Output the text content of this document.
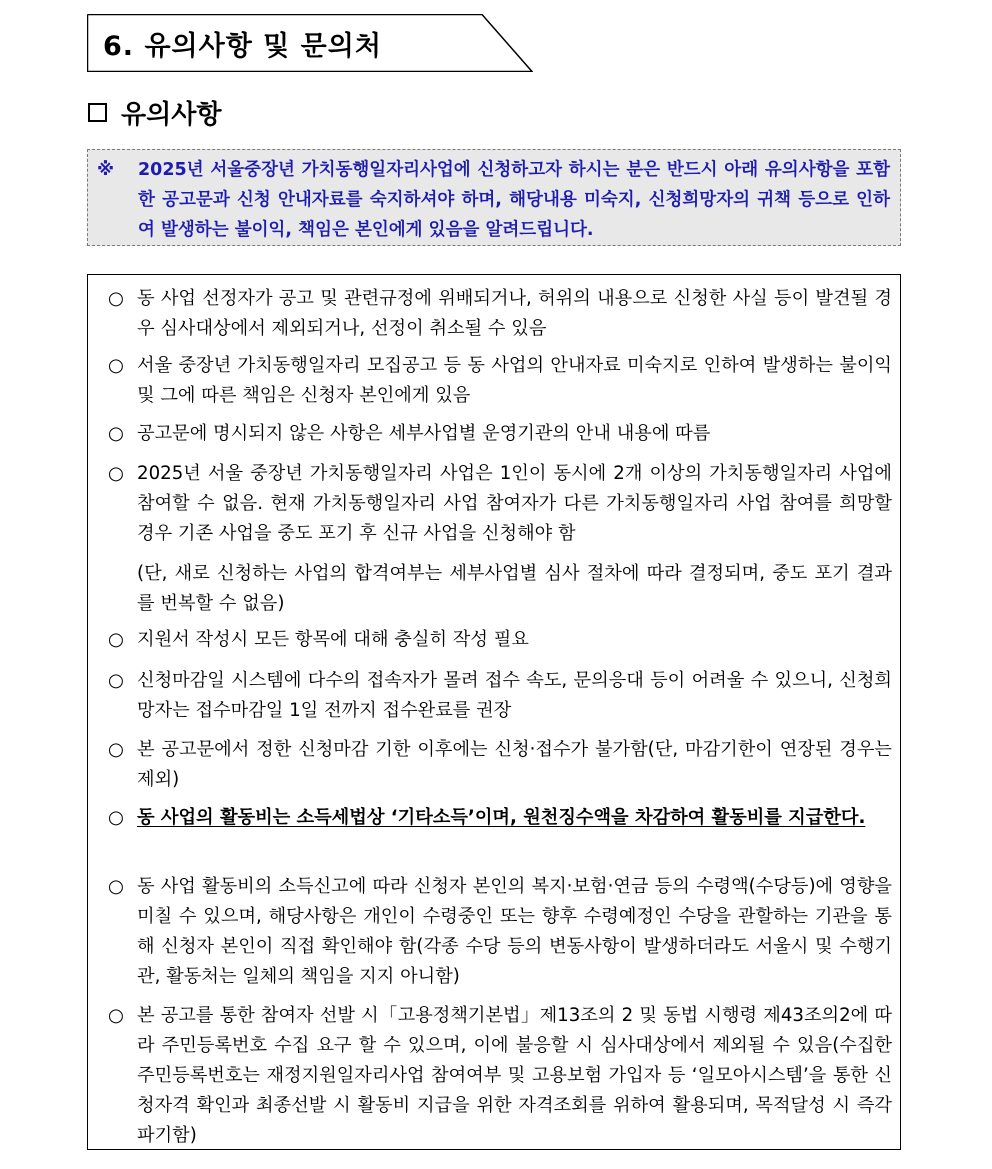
6. 유의사항 및 문의처
유의사항
※ 2025년 서울중장년 가치동행일자리사업에 신청하고자 하시는 분은 반드시 아래 유의사항을 포함한 공고문과 신청 안내자료를 숙지하셔야 하며, 해당내용 미숙지, 신청희망자의 귀책 등으로 인하여 발생하는 불이익, 책임은 본인에게 있음을 알려드립니다.
○ 동 사업 선정자가 공고 및 관련규정에 위배되거나, 허위의 내용으로 신청한 사실 등이 발견될 경우 심사대상에서 제외되거나, 선정이 취소될 수 있음
○ 서울 중장년 가치동행일자리 모집공고 등 동 사업의 안내자료 미숙지로 인하여 발생하는 불이익 및 그에 따른 책임은 신청자 본인에게 있음
○ 공고문에 명시되지 않은 사항은 세부사업별 운영기관의 안내 내용에 따름
○ 2025년 서울 중장년 가치동행일자리 사업은 1인이 동시에 2개 이상의 가치동행일자리 사업에 참여할 수 없음. 현재 가치동행일자리 사업 참여자가 다른 가치동행일자리 사업 참여를 희망할 경우 기존 사업을 중도 포기 후 신규 사업을 신청해야 함
(단, 새로 신청하는 사업의 합격여부는 세부사업별 심사 절차에 따라 결정되며, 중도 포기 결과를 번복할 수 없음)
○ 지원서 작성시 모든 항목에 대해 충실히 작성 필요
○ 신청마감일 시스템에 다수의 접속자가 몰려 접수 속도, 문의응대 등이 어려울 수 있으니, 신청희망자는 접수마감일 1일 전까지 접수완료를 권장
○ 본 공고문에서 정한 신청마감 기한 이후에는 신청·접수가 불가함(단, 마감기한이 연장된 경우는 제외)
○ 동 사업의 활동비는 소득세법상 ‘기타소득’이며, 원천징수액을 차감하여 활동비를 지급한다.
○ 동 사업 활동비의 소득신고에 따라 신청자 본인의 복지·보험·연금 등의 수령액(수당등)에 영향을 미칠 수 있으며, 해당사항은 개인이 수령중인 또는 향후 수령예정인 수당을 관할하는 기관을 통해 신청자 본인이 직접 확인해야 함(각종 수당 등의 변동사항이 발생하더라도 서울시 및 수행기관, 활동처는 일체의 책임을 지지 아니함)
○ 본 공고를 통한 참여자 선발 시「고용정책기본법」제13조의 2 및 동법 시행령 제43조의2에 따라 주민등록번호 수집 요구 할 수 있으며, 이에 불응할 시 심사대상에서 제외될 수 있음(수집한 주민등록번호는 재정지원일자리사업 참여여부 및 고용보험 가입자 등 ‘일모아시스템’을 통한 신청자격 확인과 최종선발 시 활동비 지급을 위한 자격조회를 위하여 활용되며, 목적달성 시 즉각 파기함)
